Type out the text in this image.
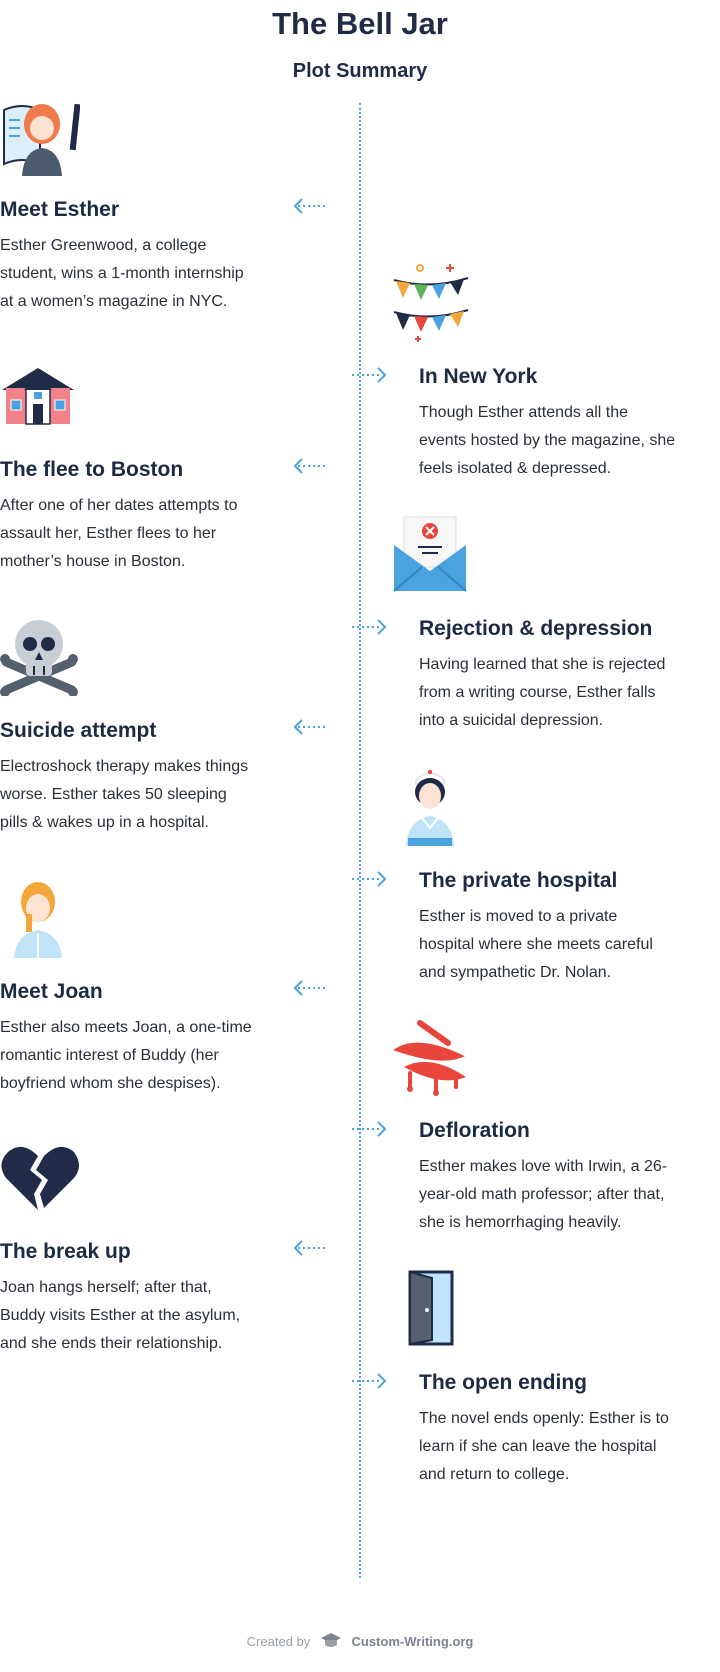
The Bell Jar
Plot Summary
Meet Esther

Esther Greenwood, a college
student, wins a 1-month internship
at a women’s magazine in NYC.

In New York

Though Esther attends all the
events hosted by the magazine, she
feels isolated & depressed.

The flee to Boston

After one of her dates attempts to
assault her, Esther flees to her
mother’s house in Boston.

Rejection & depression

Having learned that she is rejected
from a writing course, Esther falls
into a suicidal depression.

Suicide attempt

Electroshock therapy makes things
worse. Esther takes 50 sleeping
pills & wakes up in a hospital.

The private hospital

Esther is moved to a private
hospital where she meets careful
and sympathetic Dr. Nolan.

Meet Joan

Esther also meets Joan, a one-time
romantic interest of Buddy (her
boyfriend whom she despises).

Defloration

Esther makes love with Irwin, a 26-
year-old math professor; after that,
she is hemorrhaging heavily.

The break up

Joan hangs herself; after that,
Buddy visits Esther at the asylum,
and she ends their relationship.

The open ending

The novel ends openly: Esther is to
learn if she can leave the hospital
and return to college.

Created by	Custom-Writing.org
